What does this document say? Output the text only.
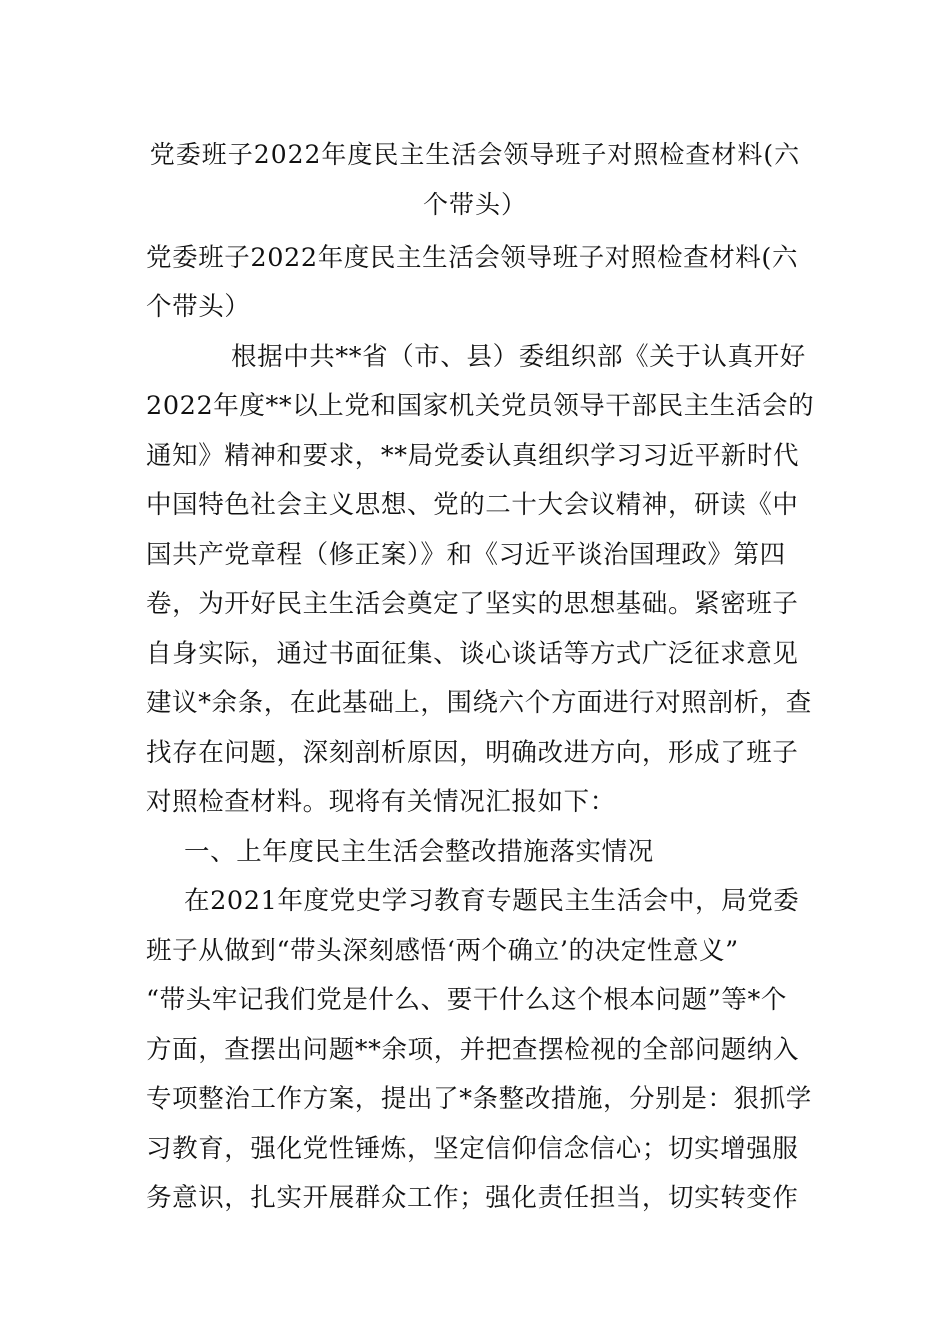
党委班子2022年度民主生活会领导班子对照检查材料(六
个带头）
党委班子2022年度民主生活会领导班子对照检查材料(六
个带头）
根据中共**省（市、县）委组织部《关于认真开好
2022年度**以上党和国家机关党员领导干部民主生活会的
通知》精神和要求，**局党委认真组织学习习近平新时代
中国特色社会主义思想、党的二十大会议精神，研读《中
国共产党章程（修正案）》和《习近平谈治国理政》第四
卷，为开好民主生活会奠定了坚实的思想基础。紧密班子
自身实际，通过书面征集、谈心谈话等方式广泛征求意见
建议*余条，在此基础上，围绕六个方面进行对照剖析，查
找存在问题，深刻剖析原因，明确改进方向，形成了班子
对照检查材料。现将有关情况汇报如下：
一、上年度民主生活会整改措施落实情况
在2021年度党史学习教育专题民主生活会中，局党委
班子从做到“带头深刻感悟‘两个确立’的决定性意义”
“带头牢记我们党是什么、要干什么这个根本问题”等*个
方面，查摆出问题**余项，并把查摆检视的全部问题纳入
专项整治工作方案，提出了*条整改措施，分别是：狠抓学
习教育，强化党性锤炼，坚定信仰信念信心；切实增强服
务意识，扎实开展群众工作；强化责任担当，切实转变作
